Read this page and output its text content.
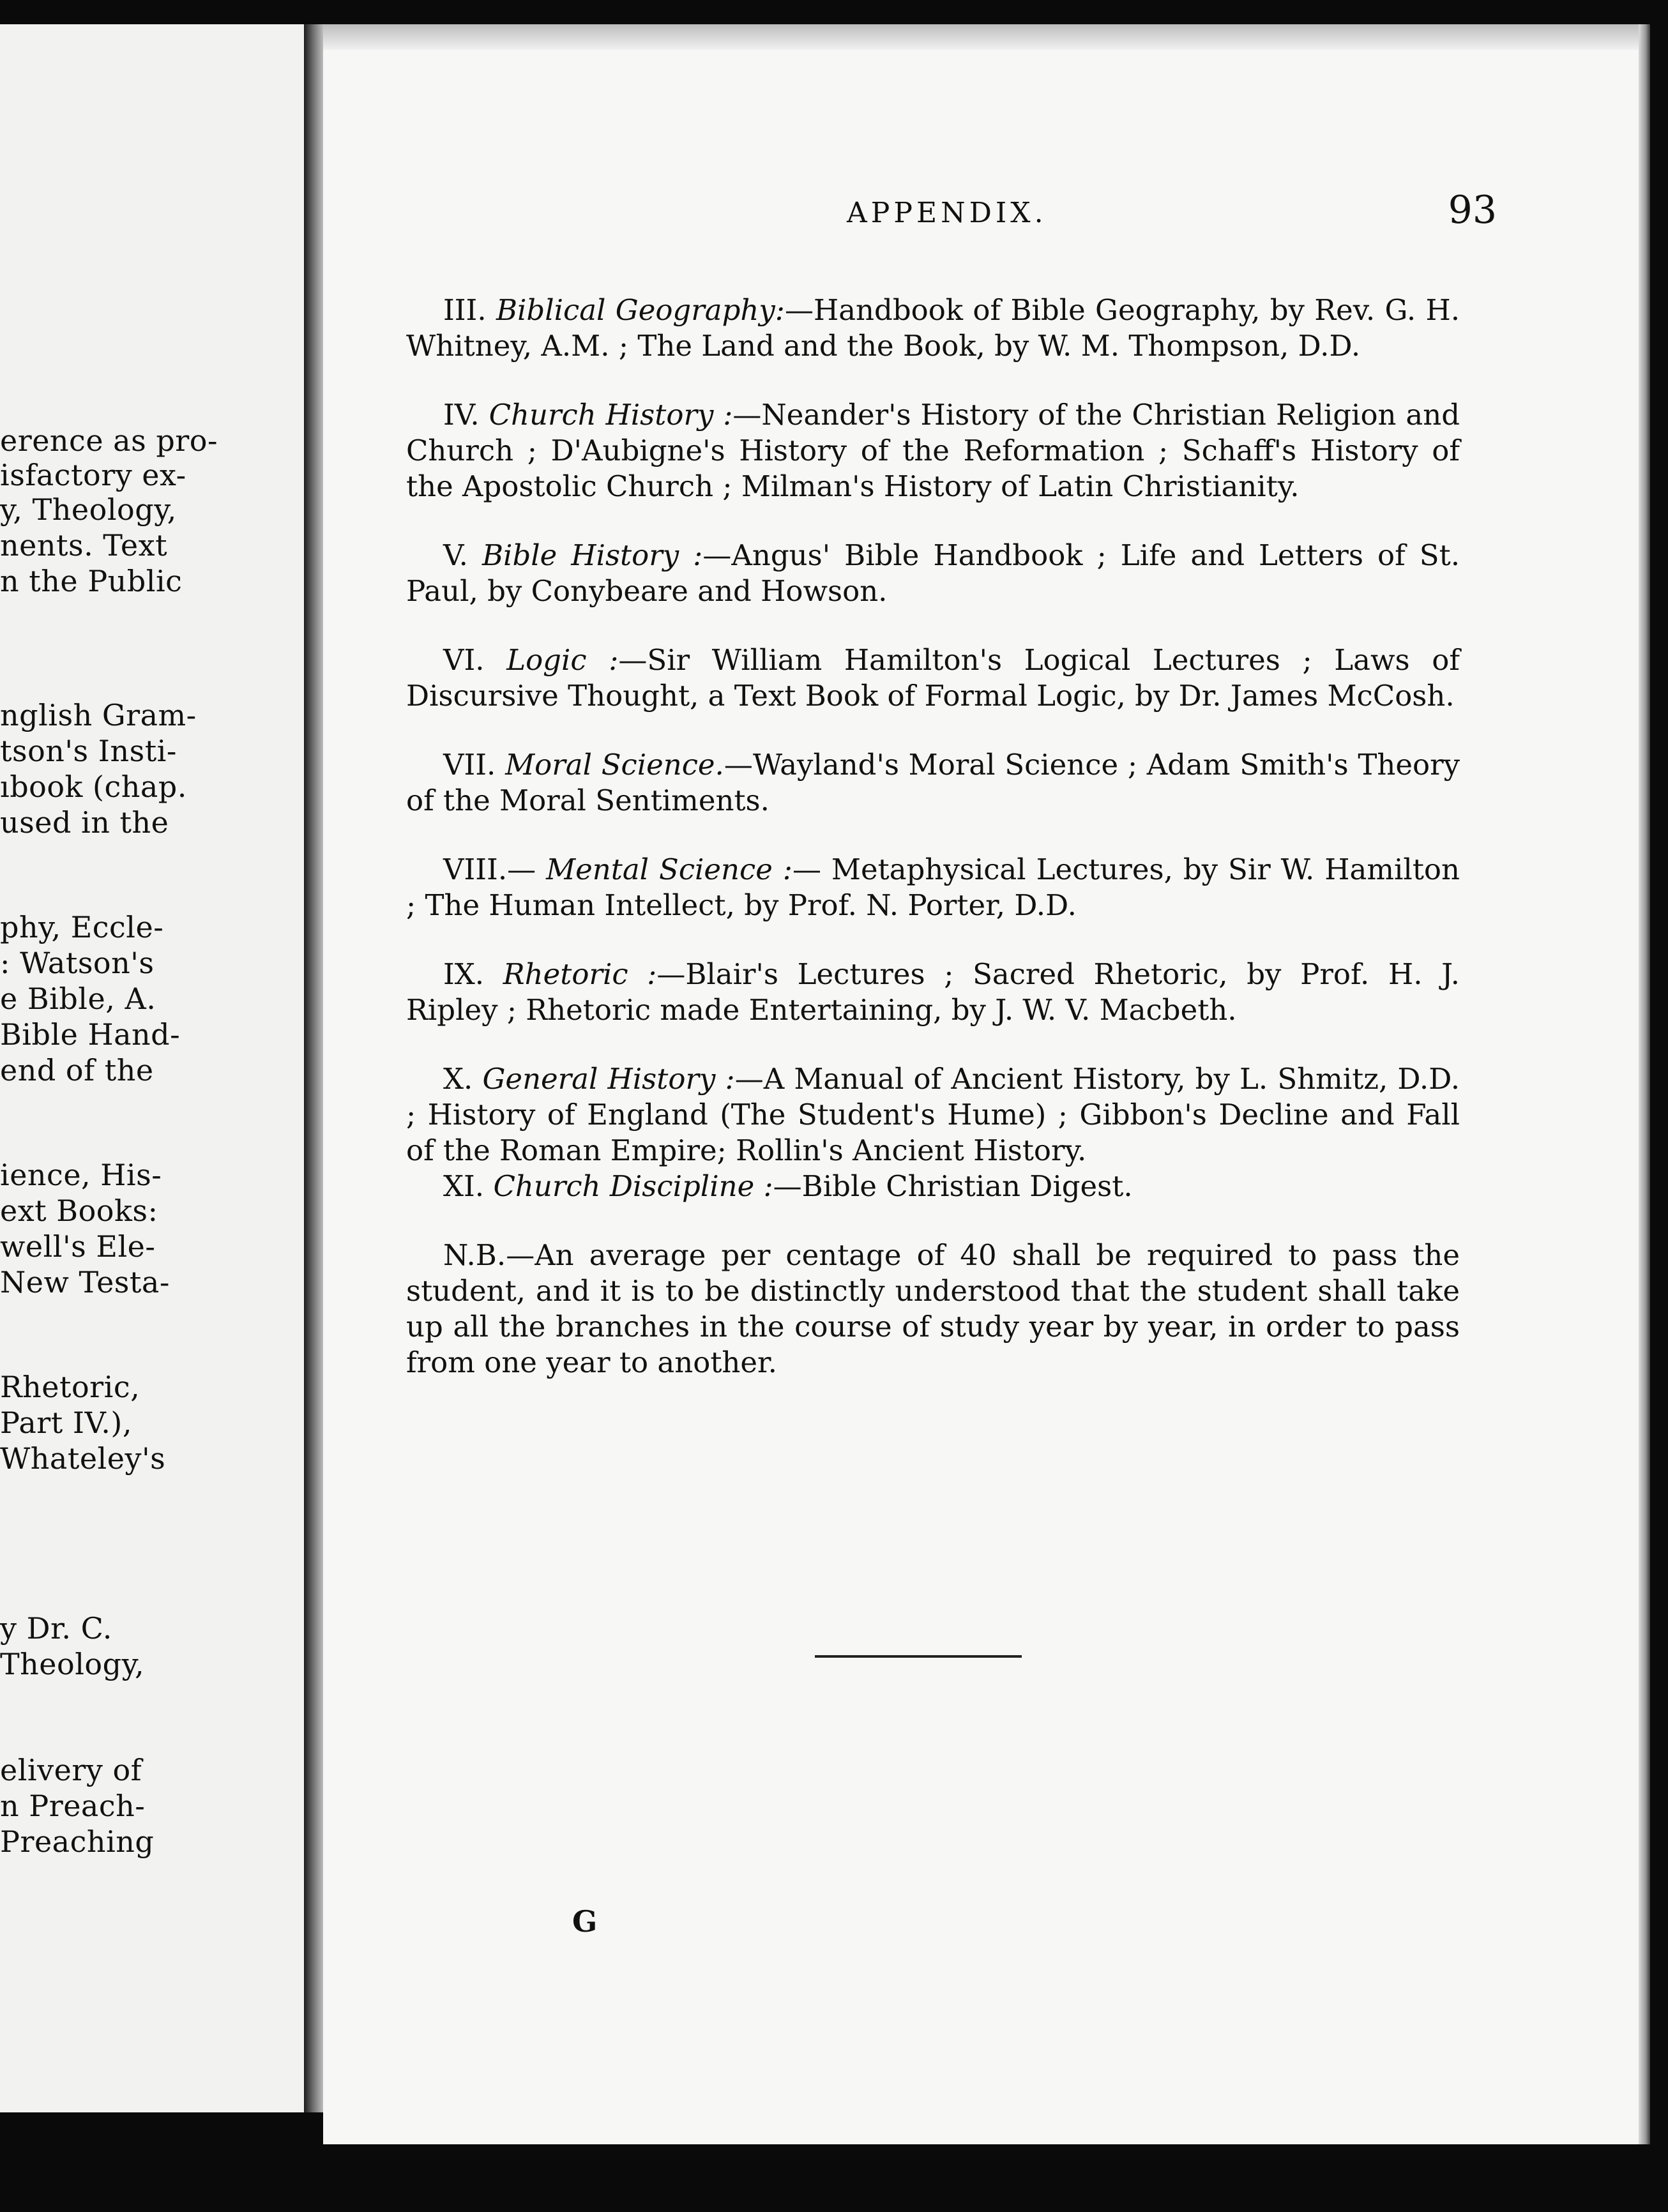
erence as pro-
isfactory ex-
y, Theology,
nents. Text
n the Public
nglish Gram-
tson's Insti-
ıbook (chap.
used in the
phy, Eccle-
: Watson's
e Bible, A.
Bible Hand-
end of the
ience, His-
ext Books:
well's Ele-
New Testa-
Rhetoric,
Part IV.),
Whateley's
y Dr. C.
Theology,
elivery of
n Preach-
Preaching
APPENDIX.	93

III. Biblical Geography:—Handbook of Bible Geography, by Rev. G. H. Whitney, A.M. ; The Land and the Book, by W. M. Thompson, D.D.

IV. Church History :—Neander's History of the Christian Religion and Church ; D'Aubigne's History of the Reformation ; Schaff's History of the Apostolic Church ; Milman's History of Latin Christianity.

V. Bible History :—Angus' Bible Handbook ; Life and Letters of St. Paul, by Conybeare and Howson.

VI. Logic :—Sir William Hamilton's Logical Lectures ; Laws of Discursive Thought, a Text Book of Formal Logic, by Dr. James McCosh.

VII. Moral Science.—Wayland's Moral Science ; Adam Smith's Theory of the Moral Sentiments.

VIII.— Mental Science :— Metaphysical Lectures, by Sir W. Hamilton ; The Human Intellect, by Prof. N. Porter, D.D.

IX. Rhetoric :—Blair's Lectures ; Sacred Rhetoric, by Prof. H. J. Ripley ; Rhetoric made Entertaining, by J. W. V. Macbeth.

X. General History :—A Manual of Ancient History, by L. Shmitz, D.D. ; History of England (The Student's Hume) ; Gibbon's Decline and Fall of the Roman Empire; Rollin's Ancient History.

XI. Church Discipline :—Bible Christian Digest.

N.B.—An average per centage of 40 shall be required to pass the student, and it is to be distinctly understood that the student shall take up all the branches in the course of study year by year, in order to pass from one year to another.

G
